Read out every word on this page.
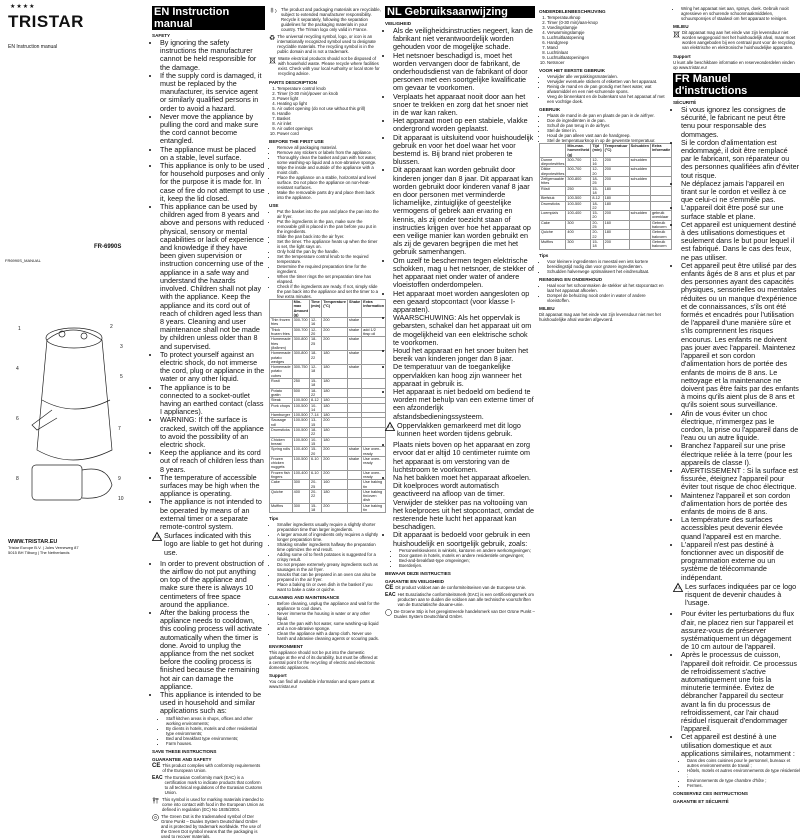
★★★★
TRISTAR
EN Instruction manual
FR-6990S
FR6990S_MANUAL
1	2
3
4
5
6
7
8	9
10
WWW.TRISTAR.EU
Tristar Europe B.V. | Jules Verneweg 87
5015 BH Tilburg | The Netherlands
EN Instruction manual
SAFETY
• By ignoring the safety instructions the manufacturer cannot be held responsible for the damage.
• If the supply cord is damaged, it must be replaced by the manufacturer, its service agent or similarly qualified persons in order to avoid a hazard.
• Never move the appliance by pulling the cord and make sure the cord cannot become entangled.
• The appliance must be placed on a stable, level surface.
• This appliance is only to be used for household purposes and only for the purpose it is made for. In case of fire do not attempt to use it, keep the lid closed.
• This appliance can be used by children aged from 8 years and above and persons with reduced physical, sensory or mental capabilities or lack of experience and knowledge if they have been given supervision or instruction concerning use of the appliance in a safe way and understand the hazards involved. Children shall not play with the appliance. Keep the appliance and its cord out of reach of children aged less than 8 years. Cleaning and user maintenance shall not be made by children unless older than 8 and supervised.
• To protect yourself against an electric shock, do not immerse the cord, plug or appliance in the water or any other liquid.
• The appliance is to be connected to a socket-outlet having an earthed contact (class I appliances).
• WARNING: If the surface is cracked, switch off the appliance to avoid the possibility of an electric shock.
• Keep the appliance and its cord out of reach of children less than 8 years.
• The temperature of accessible surfaces may be high when the appliance is operating.
• The appliance is not intended to be operated by means of an external timer or a separate remote-control system.

Surfaces indicated with this logo are liable to get hot during use.

• In order to prevent obstruction of the airflow do not put anything on top of the appliance and make sure there is always 10 centimeters of free space around the appliance.
• After the baking process the appliance needs to cooldown, this cooling process will activate automatically when the timer is done. Avoid to unplug the appliance from the net socket before the cooling process is finished because the remaining hot air can damage the appliance.
• This appliance is intended to be used in household and similar applications such as:
• Staff kitchen areas in shops, offices and other working environments;
• By clients in hotels, motels and other residential type environments;
• Bed and breakfast type environments;
• Farm houses.
SAVE THESE INSTRUCTIONS
GUARANTEE AND SAFETY
CE This product complies with conformity requirements of the European Union.

EAC The Eurasian Conformity mark (EAC) is a certification mark to indicate products that conform to all technical regulations of the Eurasian Customs Union.

This symbol is used for marking materials intended to come into contact with food in the European Union as defined in regulation (EC) No 1935/2004.

The Green Dot is the trademarked symbol of Der Grüne Punkt – Duales System Deutschland GmbH and is protected by trademark worldwide. The use of the Green Dot symbol means that the packaging is used to recover materials.

The product and packaging materials are recyclable, subject to extended manufacturer responsibility. Recycle it separately, following the separation guidelines for the packaging materials in your country. The Triman logo only valid in France.

♻ The universal recycling symbol, logo, or icon is an internationally recognized symbol used to designate recyclable materials. The recycling symbol is in the public domain and is not a trademark.

Waste electrical products should not be disposed of with household waste. Please recycle where facilities exist. Check with your local Authority or local store for recycling advice.

PARTS DESCRIPTION
1. Temperature control knob
2. Timer (0-30 min)/power on knob
3. Power light
4. Heating up light
5. Air outlet opening (do not use without this grill)
6. Handle
7. Basket
8. Air inlet
9. Air outlet openings
10. Power cord
BEFORE THE FIRST USE
• Remove all packaging material.
• Remove any stickers or labels from the appliance.
• Thoroughly clean the basket and pan with hot water, some washing-up liquid and a non-abrasive sponge.
• Wipe the inside and outside of the appliance with a moist cloth.
• Place the appliance on a stable, horizontal and level surface. Do not place the appliance on non-heat-resistant surfaces.
• Make the removable parts dry and place them back into the appliance.
USE
• Put the basket into the pan and place the pan into the air fryer.
• Put the ingredients in the pan, make sure the removable grill is placed in the pan before you put in the ingredients.
• Slide the pan back into the air fryer.
• Set the timer. The appliance heats up when the timer is set, the light says on.
• Only hold the pan by the handle.
• Set the temperature control knob to the required temperature.
• Determine the required preparation time for the ingredient.
• When the timer rings the set preparation time has elapsed.
• Check if the ingredients are ready. If not, simply slide the pan back into the appliance and set the timer to a few extra minutes.
	Min-max Amount (g)	Time (min)	Temperature (°C)	Shake	Extra information
Thin frozen fries	300-700	12-16	200	shake	
Thick frozen fries	300-700	12-20	200	shake	add 1/2 tbsp oil
Homemade fries (8x8mm)	300-800	18-25	200	shake	
Homemade potato wedges	300-800	18-22	180	shake	
Homemade potato cubes	300-750	12-18	180	shake	
Rosti	250	15-18	180		
Potato gratin	500	18-22	180		
Steak	100-500	8-12	180		
Pork chops	100-500	10-14	180		
Hamburger	100-500	7-14	180		
Sausage roll	100-500	13-15	200		
Drumsticks	100-500	18-22	180		
Chicken breast	100-500	10-15	180		
Spring rolls	100-400	15-20	200	shake	Use oven-ready
Frozen chicken nuggets	100-500	6-10	200	shake	Use oven-ready
Frozen fish fingers	100-400	6-10	200		Use oven-ready
Cake	300	20-25	160		Use baking tin
Quiche	400	20-22	180		Use baking tin/oven dish
Muffins	300	15-18	200		Use baking tin
Tips
• Smaller ingredients usually require a slightly shorter preparation time than larger ingredients.
• A larger amount of ingredients only requires a slightly longer preparation time.
• Shaking smaller ingredients halfway the preparation time optimizes the end result.
• Adding some oil to fresh potatoes is suggested for a crispy result.
• Do not prepare extremely greasy ingredients such as sausages in the air fryer.
• Snacks that can be prepared in an oven can also be prepared in the air fryer.
• Place a baking tin or oven dish in the basket if you want to bake a cake or quiche.
CLEANING AND MAINTENANCE
• Before cleaning, unplug the appliance and wait for the appliance to cool down.
• Never immerse the housing in water or any other liquid.
• Clean the pan with hot water, some washing-up liquid and a non-abrasive sponge.
• Clean the appliance with a damp cloth. Never use harsh and abrasive cleaning agents or scouring pads.
ENVIRONMENT

This appliance should not be put into the domestic garbage at the end of its durability, but must be offered at a central point for the recycling of electric and electronic domestic appliances.

Support

You can find all available information and spare parts at www.tristar.eu!

NL Gebruiksaanwijzing
VEILIGHEID
• Als de veiligheidsinstructies negeert, kan de fabrikant niet verantwoordelijk worden gehouden voor de mogelijke schade.
• Het netsnoer beschadigd is, moet het worden vervangen door de fabrikant, de onderhoudsdienst van de fabrikant of door personen met een soortgelijke kwalificatie om gevaar te voorkomen.
• Verplaats het apparaat nooit door aan het snoer te trekken en zorg dat het snoer niet in de war kan raken.
• Het apparaat moet op een stabiele, vlakke ondergrond worden geplaatst.
• Dit apparaat is uitsluitend voor huishoudelijk gebruik en voor het doel waar het voor bestemd is. Bij brand niet proberen te blussen.
• Dit apparaat kan worden gebruikt door kinderen jonger dan 8 jaar. Dit apparaat kan worden gebruikt door kinderen vanaf 8 jaar en door personen met verminderde lichamelijke, zintuiglijke of geestelijke vermogens of gebrek aan ervaring en kennis, als zij onder toezicht staan of instructies krijgen over hoe het apparaat op een veilige manier kan worden gebruikt en als zij de gevaren begrijpen die met het gebruik samenhangen.
• Om uzelf te beschermen tegen elektrische schokken, mag u het netsnoer, de stekker of het apparaat niet onder water of andere vloeistoffen onderdompelen.
• Het apparaat moet worden aangesloten op een geaard stopcontact (voor klasse I-apparaten).
• WAARSCHUWING: Als het oppervlak is gebarsten, schakel dan het apparaat uit om de mogelijkheid van een elektrische schok te voorkomen.
• Houd het apparaat en het snoer buiten het bereik van kinderen jonger dan 8 jaar.
• De temperatuur van de toegankelijke oppervlakken kan hoog zijn wanneer het apparaat in gebruik is.
• Het apparaat is niet bedoeld om bediend te worden met behulp van een externe timer of een afzonderlijk afstandsbedieningssysteem.

Oppervlakken gemarkeerd met dit logo kunnen heet worden tijdens gebruik.

• Plaats niets boven op het apparaat en zorg ervoor dat er altijd 10 centimeter ruimte om het apparaat is om verstoring van de luchtstroom te voorkomen.
• Na het bakken moet het apparaat afkoelen. Dit koelproces wordt automatisch geactiveerd na afloop van de timer. Verwijder de stekker pas na voltooiing van het koelproces uit het stopcontact, omdat de resterende hete lucht het apparaat kan beschadigen.
• Dit apparaat is bedoeld voor gebruik in een huishoudelijk en soortgelijk gebruik, zoals:
• Personeelskeukens in winkels, kantoren en andere werkomgevingen;
• Door gasten in hotels, motels en andere residentiële omgevingen;
• Bed-and-breakfast-type omgevingen;
• Boerderijen.
BEWAAR DEZE INSTRUCTIES
GARANTIE EN VEILIGHEID
CE Dit product voldoet aan de conformiteitseisen van de Europese Unie.

EAC Het Euraziatische conformiteitsmerk (EAC) is een certificeringsmerk om producten aan te duiden die voldoen aan alle technische voorschriften van de Euraziatische douane-unie.

De Groene Stip is het geregistreerde handelsmerk van Der Grüne Punkt – Duales System Deutschland GmbH.

ONDERDELENBESCHRIJVING
1. Temperatuurknop
2. Timer (0-30 min)/aan-knop
3. Voedingslampje
4. Verwarmingslampje
5. Luchtuitlaatopening
6. Handgreep
7. Mand
8. Luchtinlaat
9. Luchtuitlaatopeningen
10. Netsnoer
VOOR HET EERSTE GEBRUIK
• Verwijder alle verpakkingsmaterialen.
• Verwijder eventuele stickers of etiketten van het apparaat.
• Reinig de mand en de pan grondig met heet water, wat afwasmiddel en een niet-schurende spons.
• Veeg de binnenkant en de buitenkant van het apparaat af met een vochtige doek.
GEBRUIK
• Plaats de mand in de pan en plaats de pan in de airfryer.
• Doe de ingrediënten in de pan.
• Schuif de pan terug in de airfryer.
• Stel de timer in.
• Houd de pan alleen vast aan de handgreep.
• Stel de temperatuurknop in op de gewenste temperatuur.
	Min-max. hoeveelheid (g)	Tijd (min)	Temperatuur (°C)	Schudden	Extra informatie
Dunne diepvriesfrites	300-700	12-16	200	schudden	
Dikke diepvriesfrites	300-700	12-20	200	schudden	
Zelfgemaakte frites	300-800	18-25	200	schudden	
Rösti	250	15-18	180		
Biefstuk	100-500	8-12	180		
Drumsticks	100-500	18-22	180		
Loempia's	100-400	15-20	200	schudden	gebruik ovenklaar
Cake	300	20-25	160		Gebruik bakvorm
Quiche	400	20-22	180		Gebruik bakvorm
Muffins	300	15-18	200		Gebruik bakvorm
Tips
• Voor kleinere ingrediënten is meestal een iets kortere bereidingstijd nodig dan voor grotere ingrediënten.
• Schudden halverwege optimaliseert het eindresultaat.
REINIGING EN ONDERHOUD
• Haal voor het schoonmaken de stekker uit het stopcontact en laat het apparaat afkoelen.
• Dompel de behuizing nooit onder in water of andere vloeistoffen.
MILIEU

Dit apparaat mag aan het einde van zijn levensduur niet met het huishoudelijke afval worden afgevoerd.

• Wring het apparaat niet aan, sprays, doek. Gebruik nooit agressieve en schurende schoonmaakmiddelen, schuursponsjes of staalwol om het apparaat te reinigen.
MILIEU

Dit apparaat mag aan het einde van zijn levensduur niet worden weggegooid met het huishoudelijk afval, maar moet worden aangeboden bij een centraal punt voor de recycling van elektrische en elektronische huishoudelijke apparaten.

Support

U kunt alle beschikbare informatie en reserveonderdelen vinden op www.tristar.eu!

FR Manuel d'instructions
SÉCURITÉ
• Si vous ignorez les consignes de sécurité, le fabricant ne peut être tenu pour responsable des dommages.
• Si le cordon d'alimentation est endommagé, il doit être remplacé par le fabricant, son réparateur ou des personnes qualifiées afin d'éviter tout risque.
• Ne déplacez jamais l'appareil en tirant sur le cordon et veillez à ce que celui-ci ne s'emmêle pas.
• L'appareil doit être posé sur une surface stable et plane.
• Cet appareil est uniquement destiné à des utilisations domestiques et seulement dans le but pour lequel il est fabriqué. Dans le cas des feux, ne pas utiliser.
• Cet appareil peut être utilisé par des enfants âgés de 8 ans et plus et par des personnes ayant des capacités physiques, sensorielles ou mentales réduites ou un manque d'expérience et de connaissances, s'ils ont été formés et encadrés pour l'utilisation de l'appareil d'une manière sûre et s'ils comprennent les risques encourus. Les enfants ne doivent pas jouer avec l'appareil. Maintenez l'appareil et son cordon d'alimentation hors de portée des enfants de moins de 8 ans. Le nettoyage et la maintenance ne doivent pas être faits par des enfants à moins qu'ils aient plus de 8 ans et qu'ils soient sous surveillance.
• Afin de vous éviter un choc électrique, n'immergez pas le cordon, la prise ou l'appareil dans de l'eau ou un autre liquide.
• Branchez l'appareil sur une prise électrique reliée à la terre (pour les appareils de classe I).
• AVERTISSEMENT : Si la surface est fissurée, éteignez l'appareil pour éviter tout risque de choc électrique.
• Maintenez l'appareil et son cordon d'alimentation hors de portée des enfants de moins de 8 ans.
• La température des surfaces accessibles peut devenir élevée quand l'appareil est en marche.
• L'appareil n'est pas destiné à fonctionner avec un dispositif de programmation externe ou un système de télécommande indépendant.

Les surfaces indiquées par ce logo risquent de devenir chaudes à l'usage.

• Pour éviter les perturbations du flux d'air, ne placez rien sur l'appareil et assurez-vous de préserver systématiquement un dégagement de 10 cm autour de l'appareil.
• Après le processus de cuisson, l'appareil doit refroidir. Ce processus de refroidissement s'active automatiquement une fois la minuterie terminée. Évitez de débrancher l'appareil du secteur avant la fin du processus de refroidissement, car l'air chaud résiduel risquerait d'endommager l'appareil.
• Cet appareil est destiné à une utilisation domestique et aux applications similaires, notamment :
• Dans des coins cuisines pour le personnel, bureaux et autres environnements de travail ;
• Hôtels, motels et autres environnements de type résidentiel ;
• Environnements de type chambre d'hôte ;
• Fermes.
CONSERVEZ CES INSTRUCTIONS
GARANTIE ET SÉCURITÉ
